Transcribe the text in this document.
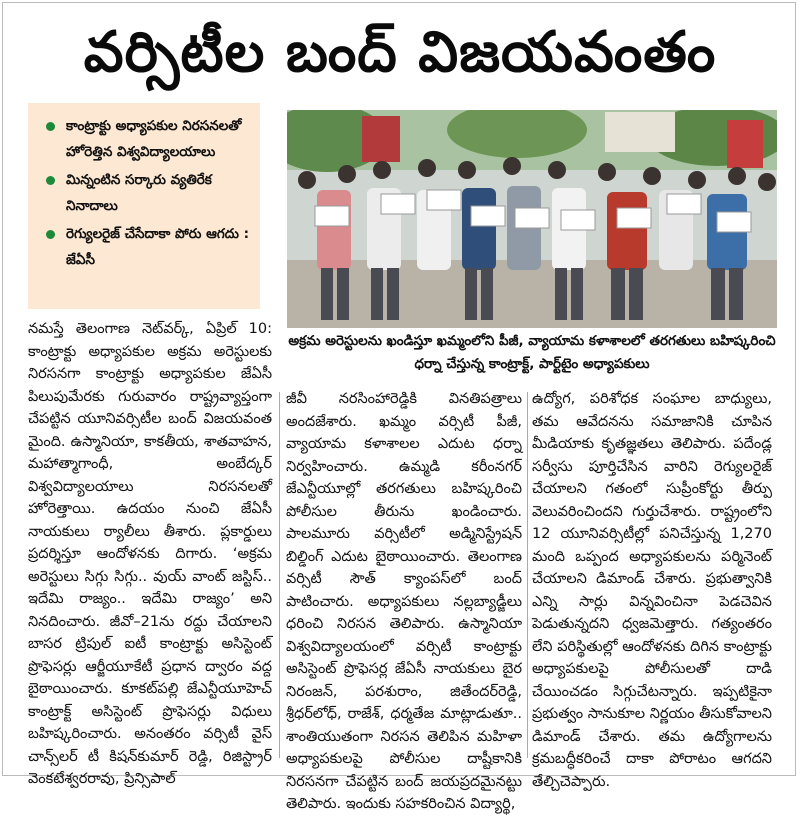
వర్సిటీల బంద్ విజయవంతం
కాంట్రాక్టు అధ్యాపకుల నిరసనలతో హోరెత్తిన విశ్వవిద్యాలయాలు
మిన్నంటిన సర్కారు వ్యతిరేక నినాదాలు
రెగ్యులరైజ్ చేసేదాకా పోరు ఆగదు : జేఏసీ
అక్రమ అరెస్టులను ఖండిస్తూ ఖమ్మంలోని పీజీ, వ్యాయామ కళాశాలలో తరగతులు బహిష్కరించి ధర్నా చేస్తున్న కాంట్రాక్ట్, పార్ట్‌టైం అధ్యాపకులు
నమస్తే తెలంగాణ నెట్‌వర్క్, ఏప్రిల్ 10: కాంట్రాక్టు అధ్యాపకుల అక్రమ అరెస్టులకు నిరసనగా కాంట్రాక్టు అధ్యాపకుల జేఏసీ పిలుపుమేరకు గురువారం రాష్ట్రవ్యాప్తంగా చేపట్టిన యూనివర్సిటీల బంద్ విజయవంత మైంది. ఉస్మానియా, కాకతీయ, శాతవాహన, మహాత్మాగాంధీ, అంబేద్కర్ విశ్వవిద్యాలయాలు నిరసనలతో హోరెత్తాయి. ఉదయం నుంచి జేఏసీ నాయకులు ర్యాలీలు తీశారు. ప్లకార్డులు ప్రదర్శిస్తూ ఆందోళనకు దిగారు. ‘అక్రమ అరెస్టులు సిగ్గు సిగ్గు.. వుయ్ వాంట్ జస్టిస్.. ఇదేమి రాజ్యం.. ఇదేమి రాజ్యం’ అని నినదించారు. జీవో–21ను రద్దు చేయాలని బాసర ట్రిపుల్ ఐటీ కాంట్రాక్టు అసిస్టెంట్ ప్రొఫెసర్లు ఆర్జీయూకేటీ ప్రధాన ద్వారం వద్ద బైఠాయించారు. కూకట్‌పల్లి జేఎన్టీయూహెచ్ కాంట్రాక్ట్ అసిస్టెంట్ ప్రొఫెసర్లు విధులు బహిష్కరించారు. అనంతరం వర్సిటీ వైస్ చాన్స్‌లర్ టీ కిషన్‌కుమార్ రెడ్డి, రిజిస్ట్రార్ వెంకటేశ్వరరావు, ప్రిన్సిపాల్
జీవీ నరసింహారెడ్డికి వినతిపత్రాలు అందజేశారు. ఖమ్మం వర్సిటీ పీజీ, వ్యాయామ కళాశాలల ఎదుట ధర్నా నిర్వహించారు. ఉమ్మడి కరీంనగర్ జేఎన్టీయూల్లో తరగతులు బహిష్కరించి పోలీసుల తీరును ఖండించారు. పాలమూరు వర్సిటీలో అడ్మినిస్ట్రేషన్ బిల్డింగ్ ఎదుట బైఠాయించారు. తెలంగాణ వర్సిటీ సౌత్ క్యాంపస్‌లో బంద్ పాటించారు. అధ్యాపకులు నల్లబ్యాడ్జీలు ధరించి నిరసన తెలిపారు. ఉస్మానియా విశ్వవిద్యాలయంలో వర్సిటీ కాంట్రాక్టు అసిస్టెంట్ ప్రొఫెసర్ల జేఏసీ నాయకులు బైర నిరంజన్, పరశురాం, జితేందర్‌రెడ్డి, శ్రీధర్‌లోధ్, రాజేశ్, ధర్మతేజ మాట్లాడుతూ.. శాంతియుతంగా నిరసన తెలిపిన మహిళా అధ్యాపకులపై పోలీసుల దాష్టీకానికి నిరసనగా చేపట్టిన బంద్ జయప్రదమైనట్టు తెలిపారు. ఇందుకు సహకరించిన విద్యార్థి,
ఉద్యోగ, పరిశోధక సంఘాల బాధ్యులు, తమ ఆవేదనను సమాజానికి చూపిన మీడియాకు కృతజ్ఞతలు తెలిపారు. పదేండ్ల సర్వీసు పూర్తిచేసిన వారిని రెగ్యులరైజ్ చేయాలని గతంలో సుప్రీంకోర్టు తీర్పు వెలువరించిందని గుర్తుచేశారు. రాష్ట్రంలోని 12 యూనివర్సిటీల్లో పనిచేస్తున్న 1,270 మంది ఒప్పంద అధ్యాపకులను పర్మినెంట్ చేయాలని డిమాండ్ చేశారు. ప్రభుత్వానికి ఎన్ని సార్లు విన్నవించినా పెడచెవిన పెడుతున్నదని ధ్వజమెత్తారు. గత్యంతరం లేని పరిస్థితుల్లో ఆందోళనకు దిగిన కాంట్రాక్టు అధ్యాపకులపై పోలీసులతో దాడి చేయించడం సిగ్గుచేటన్నారు. ఇప్పటికైనా ప్రభుత్వం సానుకూల నిర్ణయం తీసుకోవాలని డిమాండ్ చేశారు. తమ ఉద్యోగాలను క్రమబద్ధీకరించే దాకా పోరాటం ఆగదని తేల్చిచెప్పారు.
